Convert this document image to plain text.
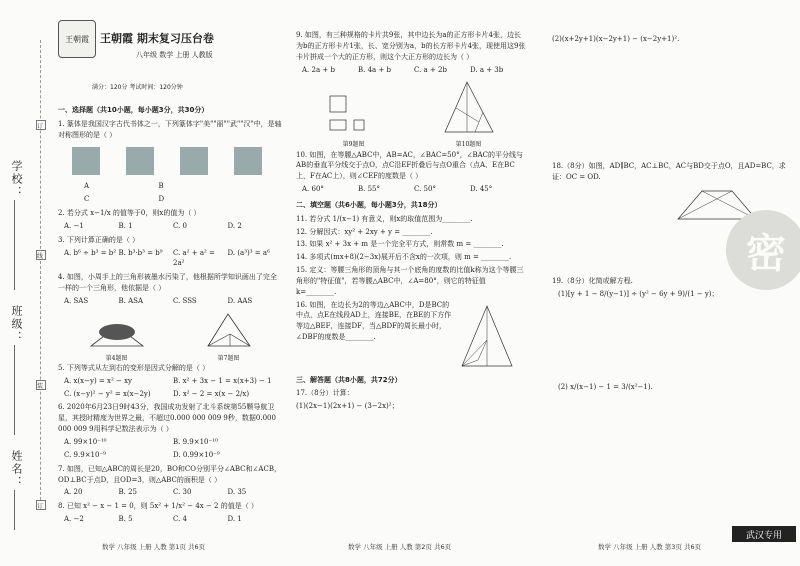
学校：
班级：
姓名：
订
线
装
订
王朝霞	王朝霞 期末复习压台卷
八年级 数学 上册 人教版
满分：120分 考试时间：120分钟
一、选择题（共10小题，每小题3分，共30分）
1. 篆体是我国汉字古代书体之一，下列篆体字"美""丽""武""汉"中，是轴对称图形的是（ ）
A	B
C	D
2. 若分式 x−1/x 的值等于0，则x的值为（ ）
A. −1	B. 1	C. 0	D. 2
3. 下列计算正确的是（ ）
A. b⁶ ÷ b³ = b² B. b³·b³ = b⁹	C. a² + a² = 2a²
D. (a³)³ = a⁶
4. 如图，小周手上的三角形被墨水污染了，他根据所学知识画出了完全一样的一个三角形，他依据是（ ）
A. SAS	B. ASA	C. SSS	D. AAS
第4题图	第7题图
5. 下列等式从左到右的变形是因式分解的是（ ）
A. x(x−y) = x² − xy	B. x² + 3x − 1 = x(x+3) − 1
C. (x−y)² − y² = x(x−2y)	D. x² − 2 = x(x − 2/x)
6. 2020年6月23日9时43分，我国成功发射了北斗系统第55颗导航卫星，其授时精度为世界之最，不超过0.000 000 009 9秒，数据0.000 000 009 9用科学记数法表示为（ ）
A. 99×10⁻¹⁰	B. 9.9×10⁻¹⁰
C. 9.9×10⁻⁹	D. 0.99×10⁻⁹
7. 如图，已知△ABC的周长是20，BO和CO分别平分∠ABC和∠ACB，OD⊥BC于点D，且OD=3，则△ABC的面积是（ ）
A. 20	B. 25	C. 30	D. 35
8. 已知 x² − x − 1 = 0，则 5x² + 1/x² − 4x − 2 的值是（ ）
A. −2	B. 5	C. 4	D. 1
数学 八年级 上册 人教 第1页 共6页
9. 如图，有三种规格的卡片共9张，其中边长为a的正方形卡片4张，边长为b的正方形卡片1张，长、宽分别为a，b的长方形卡片4张，现使用这9张卡片拼成一个大的正方形，则这个大正方形的边长为（ ）
A. 2a + b	B. 4a + b	C. a + 2b	D. a + 3b
第9题图	第10题图
10. 如图，在等腰△ABC中，AB=AC，∠BAC=50°，∠BAC的平分线与AB的垂直平分线交于点O，点C沿EF折叠后与点O重合（点A、E在BC上，F在AC上），则∠CEF的度数是（ ）
A. 60°	B. 55°	C. 50°	D. 45°
二、填空题（共6小题，每小题3分，共18分）
11. 若分式 1/(x−1) 有意义，则x的取值范围为________.
12. 分解因式：xy² + 2xy + y = ________.
13. 如果 x² + 3x + m 是一个完全平方式，则常数 m = ________.
14. 多项式(mx+8)(2−3x)展开后不含x的一次项，则 m = ________.
15. 定义：等腰三角形的顶角与其一个底角的度数的比值k称为这个等腰三角形的"特征值"，若等腰△ABC中，∠A=80°，则它的特征值k=________.
16. 如图，在边长为2的等边△ABC中，D是BC的中点，点E在线段AD上，连接BE，在BE的下方作等边△BEF，连接DF，当△BDF的周长最小时，∠DBF的度数是________.
三、解答题（共8小题，共72分）
17.（8分）计算：
(1)(2x−1)(2x+1) − (3−2x)²；
数学 八年级 上册 人教 第2页 共6页
(2)(x+2y+1)(x−2y+1) − (x−2y+1)².
18.（8分）如图，AD∥BC，AC⊥BC，AC与BD交于点O，且AD=BC，求证：OC = OD.
19.（8分）化简或解方程.
(1)[y + 1 − 8/(y−1)] ÷ (y² − 6y + 9)/(1 − y)；
(2) x/(x−1) − 1 = 3/(x²−1).
数学 八年级 上册 人教 第3页 共6页
密
武汉专用
